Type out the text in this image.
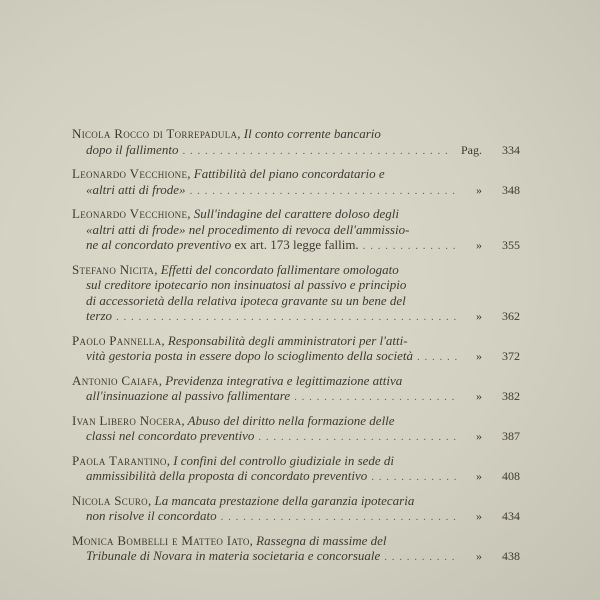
Nicola Rocco di Torrepadula, Il conto corrente bancario
dopo il fallimento . . .	Pag.	334
Leonardo Vecchione, Fattibilità del piano concordatario e
«altri atti di frode» . . .	»	348
Leonardo Vecchione, Sull'indagine del carattere doloso degli
«altri atti di frode» nel procedimento di revoca dell'ammissio-
ne al concordato preventivo ex art. 173 legge fallim. . . .	»	355
Stefano Nicita, Effetti del concordato fallimentare omologato
sul creditore ipotecario non insinuatosi al passivo e principio
di accessorietà della relativa ipoteca gravante su un bene del
terzo . . .	»	362
Paolo Pannella, Responsabilità degli amministratori per l'atti-
vità gestoria posta in essere dopo lo scioglimento della società . . .	»	372
Antonio Caiafa, Previdenza integrativa e legittimazione attiva
all'insinuazione al passivo fallimentare . . .	»	382
Ivan Libero Nocera, Abuso del diritto nella formazione delle
classi nel concordato preventivo . . .	»	387
Paola Tarantino, I confini del controllo giudiziale in sede di
ammissibilità della proposta di concordato preventivo . . .	»	408
Nicola Scuro, La mancata prestazione della garanzia ipotecaria
non risolve il concordato . . .	»	434
Monica Bombelli e Matteo Iato, Rassegna di massime del
Tribunale di Novara in materia societaria e concorsuale . . .	»	438
